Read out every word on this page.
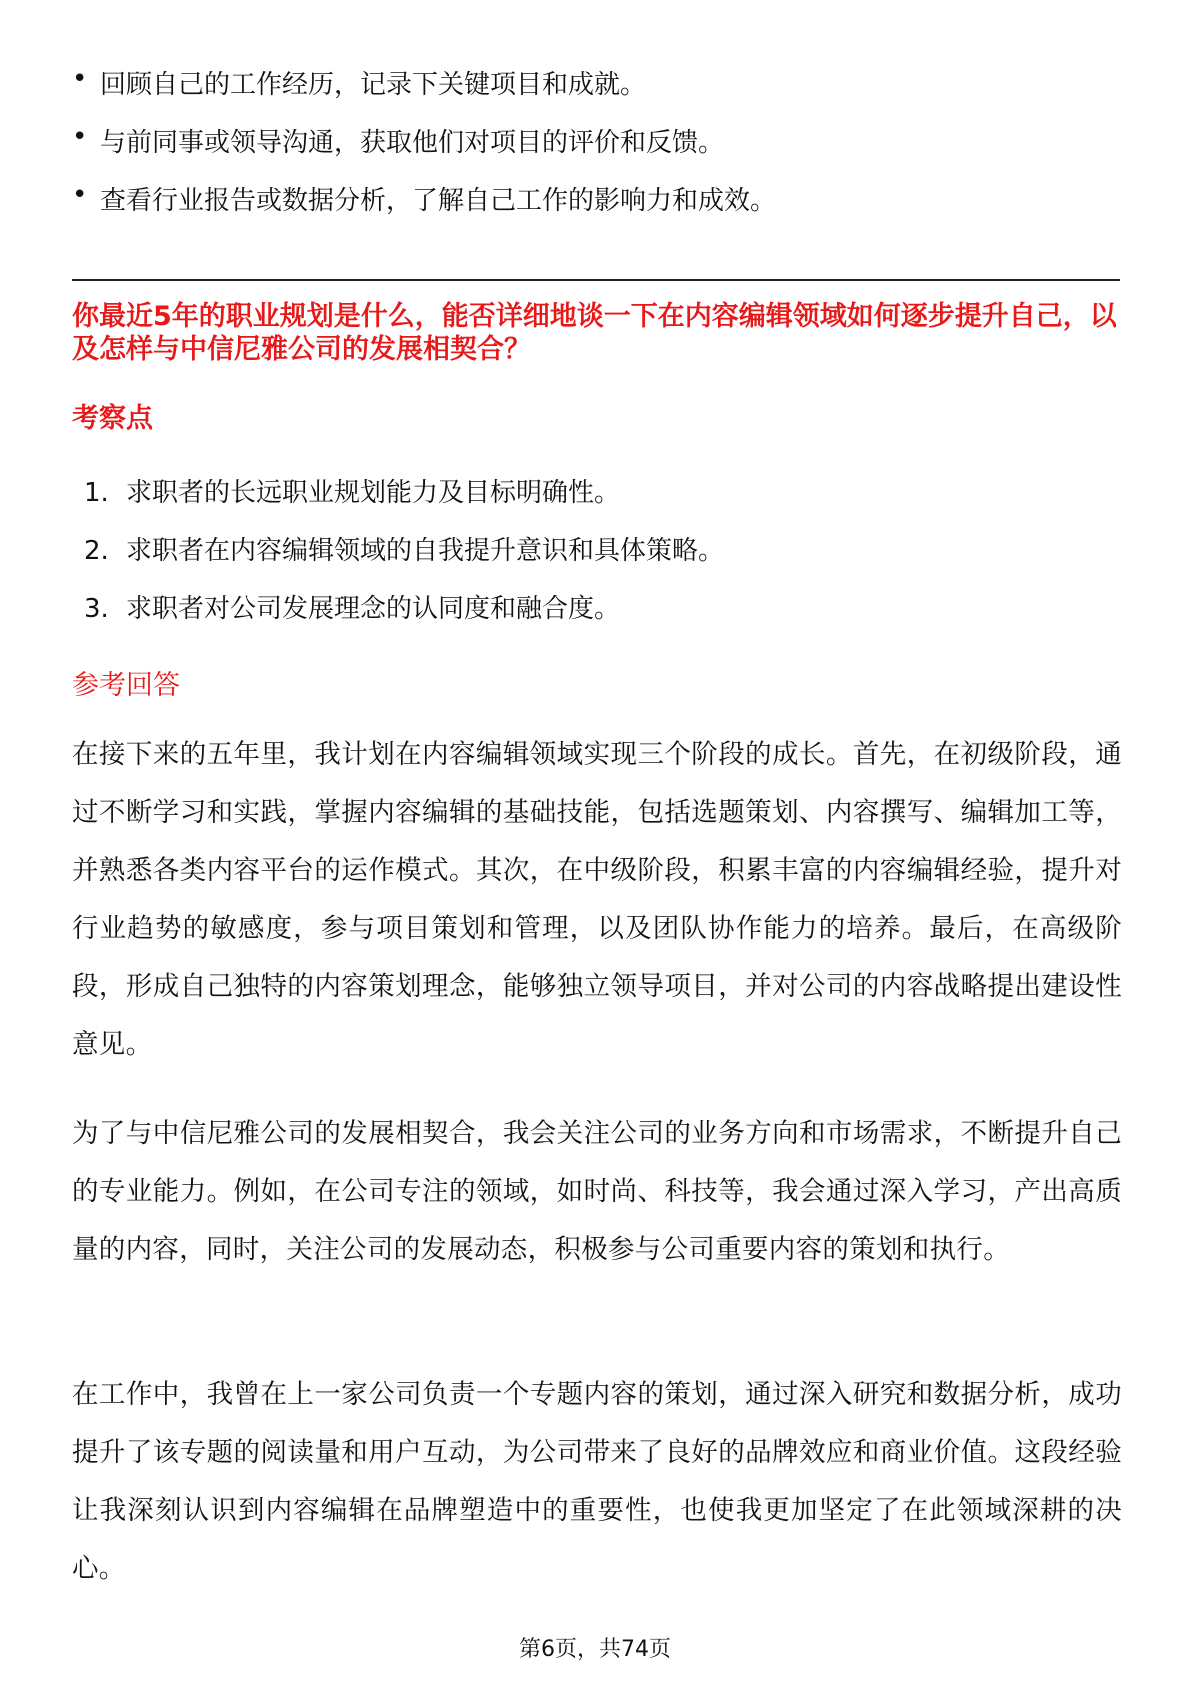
• 回顾自己的工作经历，记录下关键项目和成就。
• 与前同事或领导沟通，获取他们对项目的评价和反馈。
• 查看行业报告或数据分析，了解自己工作的影响力和成效。
你最近5年的职业规划是什么，能否详细地谈一下在内容编辑领域如何逐步提升自己，以及怎样与中信尼雅公司的发展相契合？
考察点
1. 求职者的长远职业规划能力及目标明确性。
2. 求职者在内容编辑领域的自我提升意识和具体策略。
3. 求职者对公司发展理念的认同度和融合度。
参考回答
在接下来的五年里，我计划在内容编辑领域实现三个阶段的成长。首先，在初级阶段，通过不断学习和实践，掌握内容编辑的基础技能，包括选题策划、内容撰写、编辑加工等，并熟悉各类内容平台的运作模式。其次，在中级阶段，积累丰富的内容编辑经验，提升对行业趋势的敏感度，参与项目策划和管理，以及团队协作能力的培养。最后，在高级阶段，形成自己独特的内容策划理念，能够独立领导项目，并对公司的内容战略提出建设性意见。
为了与中信尼雅公司的发展相契合，我会关注公司的业务方向和市场需求，不断提升自己的专业能力。例如，在公司专注的领域，如时尚、科技等，我会通过深入学习，产出高质量的内容，同时，关注公司的发展动态，积极参与公司重要内容的策划和执行。
在工作中，我曾在上一家公司负责一个专题内容的策划，通过深入研究和数据分析，成功提升了该专题的阅读量和用户互动，为公司带来了良好的品牌效应和商业价值。这段经验让我深刻认识到内容编辑在品牌塑造中的重要性，也使我更加坚定了在此领域深耕的决心。
第6页，共74页
